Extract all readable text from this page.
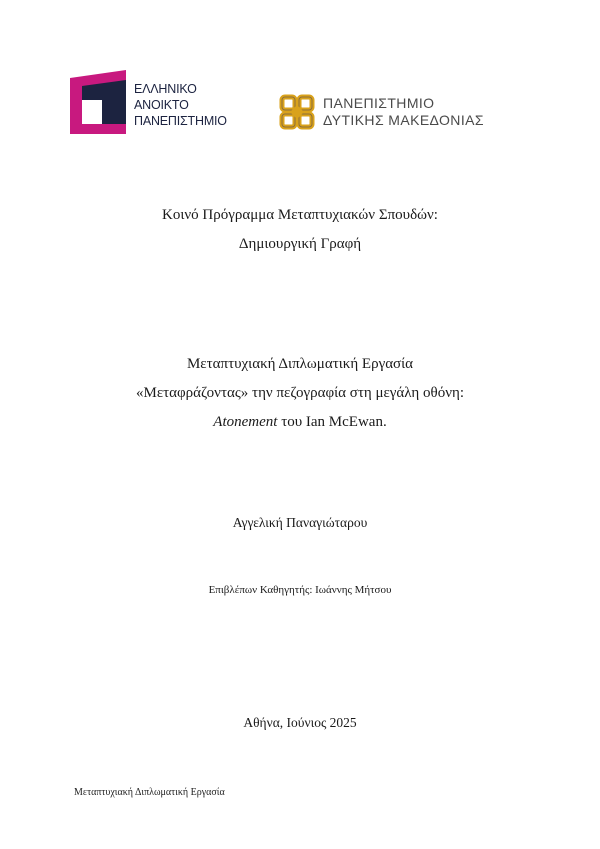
ΕΛΛΗΝΙΚΟ
ΑΝΟΙΚΤΟ
ΠΑΝΕΠΙΣΤΗΜΙΟ
ΠΑΝΕΠΙΣΤΗΜΙΟ
ΔΥΤΙΚΗΣ ΜΑΚΕΔΟΝΙΑΣ
Κοινό Πρόγραμμα Μεταπτυχιακών Σπουδών:
Δημιουργική Γραφή
Μεταπτυχιακή Διπλωματική Εργασία
«Μεταφράζοντας» την πεζογραφία στη μεγάλη οθόνη:
Atonement του Ian McEwan.
Αγγελική Παναγιώταρου
Επιβλέπων Καθηγητής: Ιωάννης Μήτσου
Αθήνα, Ιούνιος 2025
Μεταπτυχιακή Διπλωματική Εργασία
